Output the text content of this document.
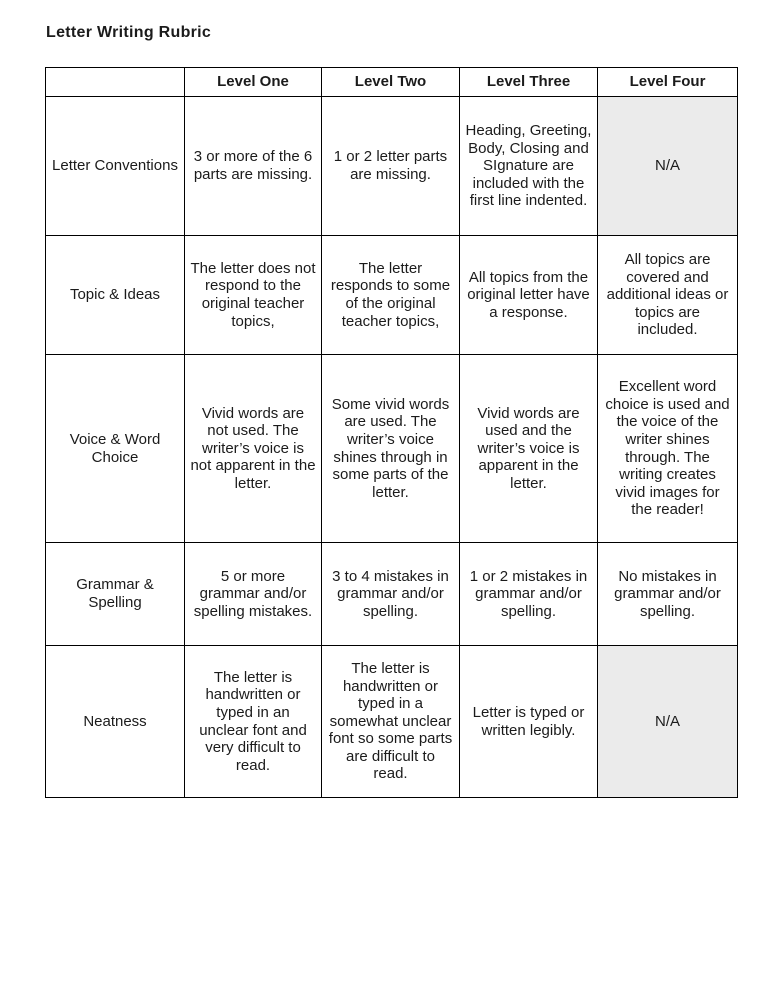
Letter Writing Rubric
	Level One	Level Two	Level Three	Level Four
Letter Conventions	3 or more of the 6 parts are missing.	1 or 2 letter parts are missing.	Heading, Greeting, Body, Closing and SIgnature are included with the first line indented.	N/A
Topic & Ideas	The letter does not respond to the original teacher topics,	The letter responds to some of the original teacher topics,	All topics from the original letter have a response.	All topics are covered and additional ideas or topics are included.
Voice & Word Choice	Vivid words are not used. The writer’s voice is not apparent in the letter.	Some vivid words are used. The writer’s voice shines through in some parts of the letter.	Vivid words are used and the writer’s voice is apparent in the letter.	Excellent word choice is used and the voice of the writer shines through. The writing creates vivid images for the reader!
Grammar & Spelling	5 or more grammar and/or spelling mistakes.	3 to 4 mistakes in grammar and/or spelling.	1 or 2 mistakes in grammar and/or spelling.	No mistakes in grammar and/or spelling.
Neatness	The letter is handwritten or typed in an unclear font and very difficult to read.	The letter is handwritten or typed in a somewhat unclear font so some parts are difficult to read.	Letter is typed or written legibly.	N/A
